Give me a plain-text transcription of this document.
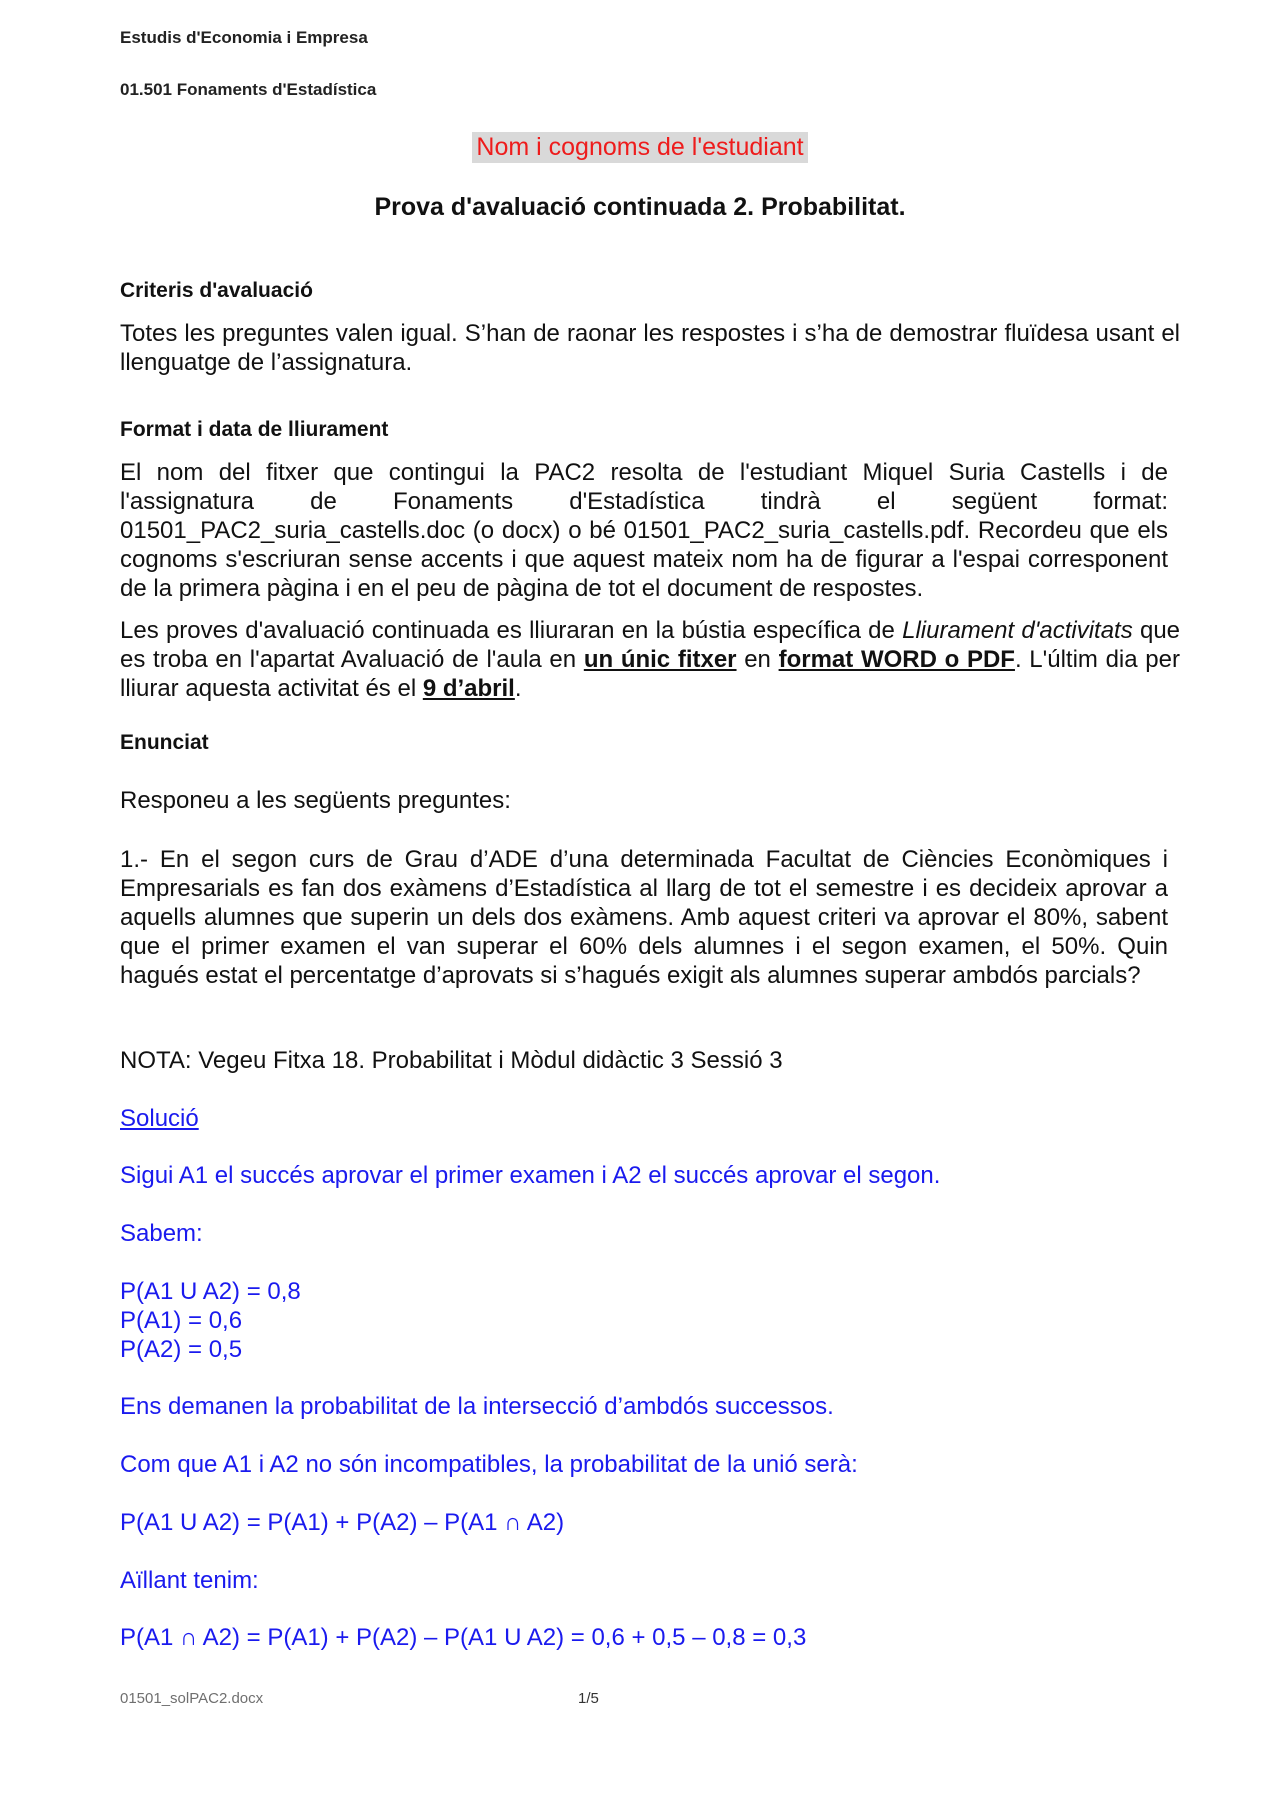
Estudis d'Economia i Empresa
01.501 Fonaments d'Estadística
Nom i cognoms de l'estudiant
Prova d'avaluació continuada 2. Probabilitat.
Criteris d'avaluació
Totes les preguntes valen igual. S’han de raonar les respostes i s’ha de demostrar fluïdesa usant el llenguatge de l’assignatura.
Format i data de lliurament
El nom del fitxer que contingui la PAC2 resolta de l'estudiant Miquel Suria Castells i de l'assignatura de Fonaments d'Estadística tindrà el següent format: 01501_PAC2_suria_castells.doc (o docx) o bé 01501_PAC2_suria_castells.pdf. Recordeu que els cognoms s'escriuran sense accents i que aquest mateix nom ha de figurar a l'espai corresponent de la primera pàgina i en el peu de pàgina de tot el document de respostes.
Les proves d'avaluació continuada es lliuraran en la bústia específica de Lliurament d'activitats que es troba en l'apartat Avaluació de l'aula en un únic fitxer en format WORD o PDF. L'últim dia per lliurar aquesta activitat és el 9 d’abril.
Enunciat
Responeu a les següents preguntes:
1.- En el segon curs de Grau d’ADE d’una determinada Facultat de Ciències Econòmiques i Empresarials es fan dos exàmens d’Estadística al llarg de tot el semestre i es decideix aprovar a aquells alumnes que superin un dels dos exàmens. Amb aquest criteri va aprovar el 80%, sabent que el primer examen el van superar el 60% dels alumnes i el segon examen, el 50%. Quin hagués estat el percentatge d’aprovats si s’hagués exigit als alumnes superar ambdós parcials?
NOTA: Vegeu Fitxa 18. Probabilitat i Mòdul didàctic 3 Sessió 3
Solució
Sigui A1 el succés aprovar el primer examen i A2 el succés aprovar el segon.
Sabem:
P(A1 U A2) = 0,8
P(A1) = 0,6
P(A2) = 0,5
Ens demanen la probabilitat de la intersecció d’ambdós successos.
Com que A1 i A2 no són incompatibles, la probabilitat de la unió serà:
P(A1 U A2) = P(A1) + P(A2) – P(A1 ∩ A2)
Aïllant tenim:
P(A1 ∩ A2) = P(A1) + P(A2) – P(A1 U A2) = 0,6 + 0,5 – 0,8 = 0,3
01501_solPAC2.docx	1/5
